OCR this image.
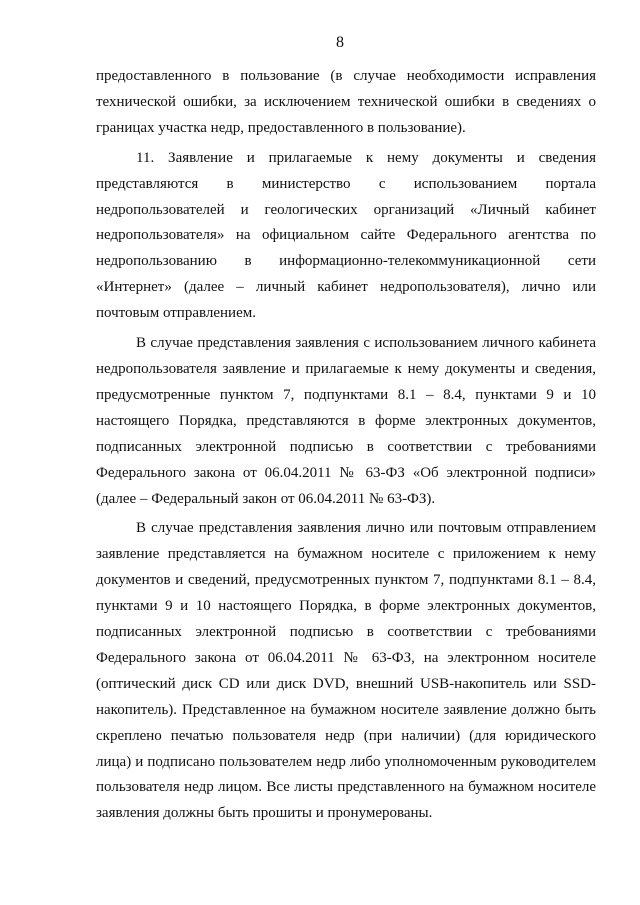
8

предоставленного в пользование (в случае необходимости исправления технической ошибки, за исключением технической ошибки в сведениях о границах участка недр, предоставленного в пользование).

11. Заявление и прилагаемые к нему документы и сведения представляются в министерство с использованием портала недропользователей и геологических организаций «Личный кабинет недропользователя» на официальном сайте Федерального агентства по недропользованию в информационно-телекоммуникационной сети «Интернет» (далее – личный кабинет недропользователя), лично или почтовым отправлением.

В случае представления заявления с использованием личного кабинета недропользователя заявление и прилагаемые к нему документы и сведения, предусмотренные пунктом 7, подпунктами 8.1 – 8.4, пунктами 9 и 10 настоящего Порядка, представляются в форме электронных документов, подписанных электронной подписью в соответствии с требованиями Федерального закона от 06.04.2011 № 63-ФЗ «Об электронной подписи» (далее – Федеральный закон от 06.04.2011 № 63-ФЗ).

В случае представления заявления лично или почтовым отправлением заявление представляется на бумажном носителе с приложением к нему документов и сведений, предусмотренных пунктом 7, подпунктами 8.1 – 8.4, пунктами 9 и 10 настоящего Порядка, в форме электронных документов, подписанных электронной подписью в соответствии с требованиями Федерального закона от 06.04.2011 № 63-ФЗ, на электронном носителе (оптический диск CD или диск DVD, внешний USB-накопитель или SSD-накопитель). Представленное на бумажном носителе заявление должно быть скреплено печатью пользователя недр (при наличии) (для юридического лица) и подписано пользователем недр либо уполномоченным руководителем пользователя недр лицом. Все листы представленного на бумажном носителе заявления должны быть прошиты и пронумерованы.
